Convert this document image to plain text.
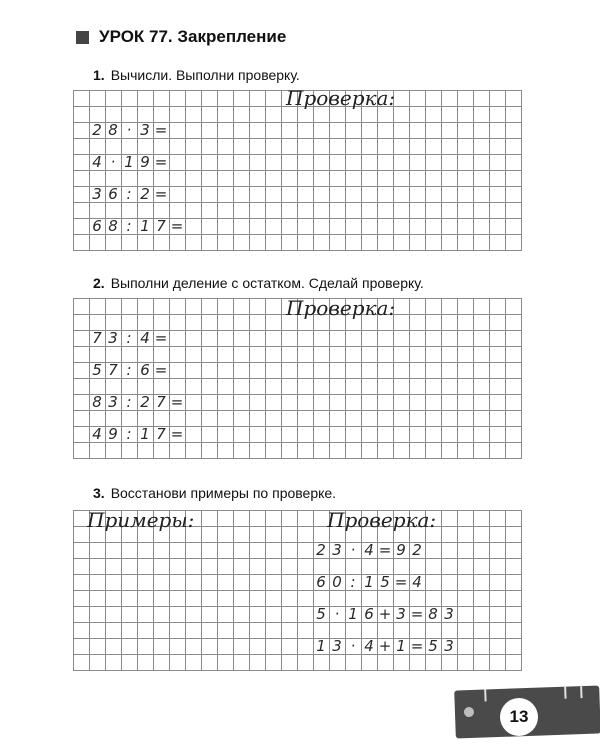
УРОК 77. Закрепление
1. Вычисли. Выполни проверку.
Проверка:
2 8 · 3 =
4 · 1 9 =
3 6 : 2 =
6 8 : 1 7 =
2. Выполни деление с остатком. Сделай проверку.
Проверка:
7 3 : 4 =
5 7 : 6 =
8 3 : 2 7 =
4 9 : 1 7 =
3. Восстанови примеры по проверке.
Примеры:	Проверка:
2 3 · 4 = 9 2
6 0 : 1 5 = 4
5 · 1 6 + 3 = 8 3
1 3 · 4 + 1 = 5 3
13
